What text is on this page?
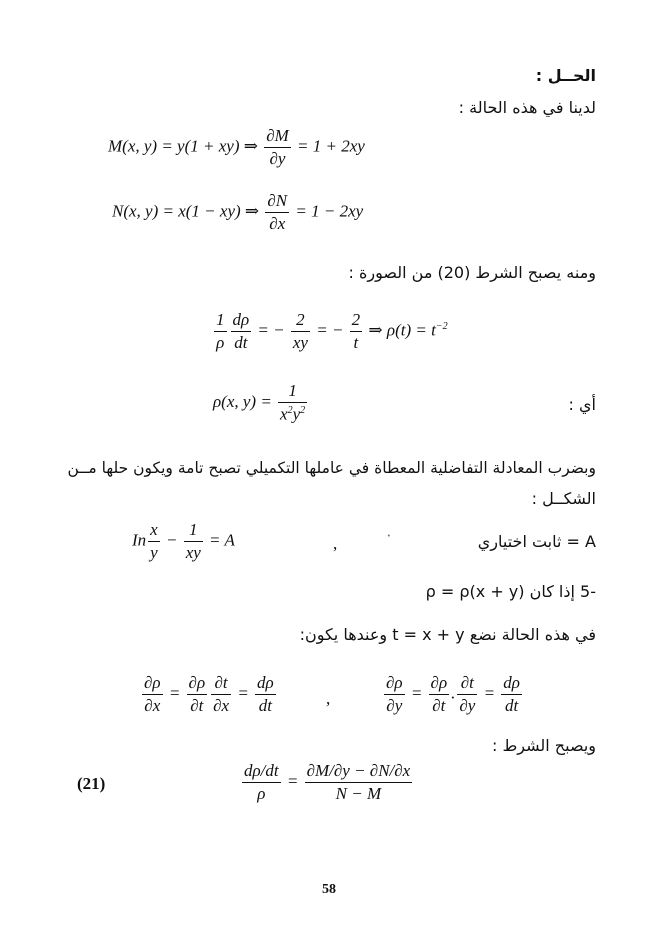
الحــل :
لدينا في هذه الحالة :
M(x, y) = y(1 + xy) ⇒ $\frac{\partial M}{\partial y} = 1 + 2xy$
N(x, y) = x(1 − xy) ⇒ $\frac{\partial N}{\partial x} = 1 - 2xy$
ومنه يصبح الشرط (20) من الصورة :
$\frac{1}{\rho} \frac{d\rho}{dt}$ = − $\frac{2}{xy}$ = − $\frac{2}{t}$ ⇒ $\rho(t) = t^{-2}$
ρ(x, $y) = \frac{1}{x^2y^2}$	أي :
وبضرب المعادلة التفاضلية المعطاة في عاملها التكميلي تصبح تامة ويكون حلها مــن
الشكــل :
In $\frac{x}{y} - \frac{1}{xy} = A$	,	·	A = ثابت اختياري
-5 إذا كان ρ = ρ(x + y)
في هذه الحالة نضع t = x + y وعندها يكون:
$\frac{\partial\rho}{\partial x} = \frac{\partial\rho}{\partial t} \frac{\partial t}{\partial x} = \frac{d\rho}{dt}$	,	$\frac{\partial\rho}{\partial y} = \frac{\partial\rho}{\partial t}$ . $\frac{\partial t}{\partial y} = \frac{d\rho}{dt}$
ويصبح الشرط :
(21)	$\frac{d\rho/dt}{\rho} = \frac{\partial M/\partial y - \partial N/\partial x}{N - M}$
58
